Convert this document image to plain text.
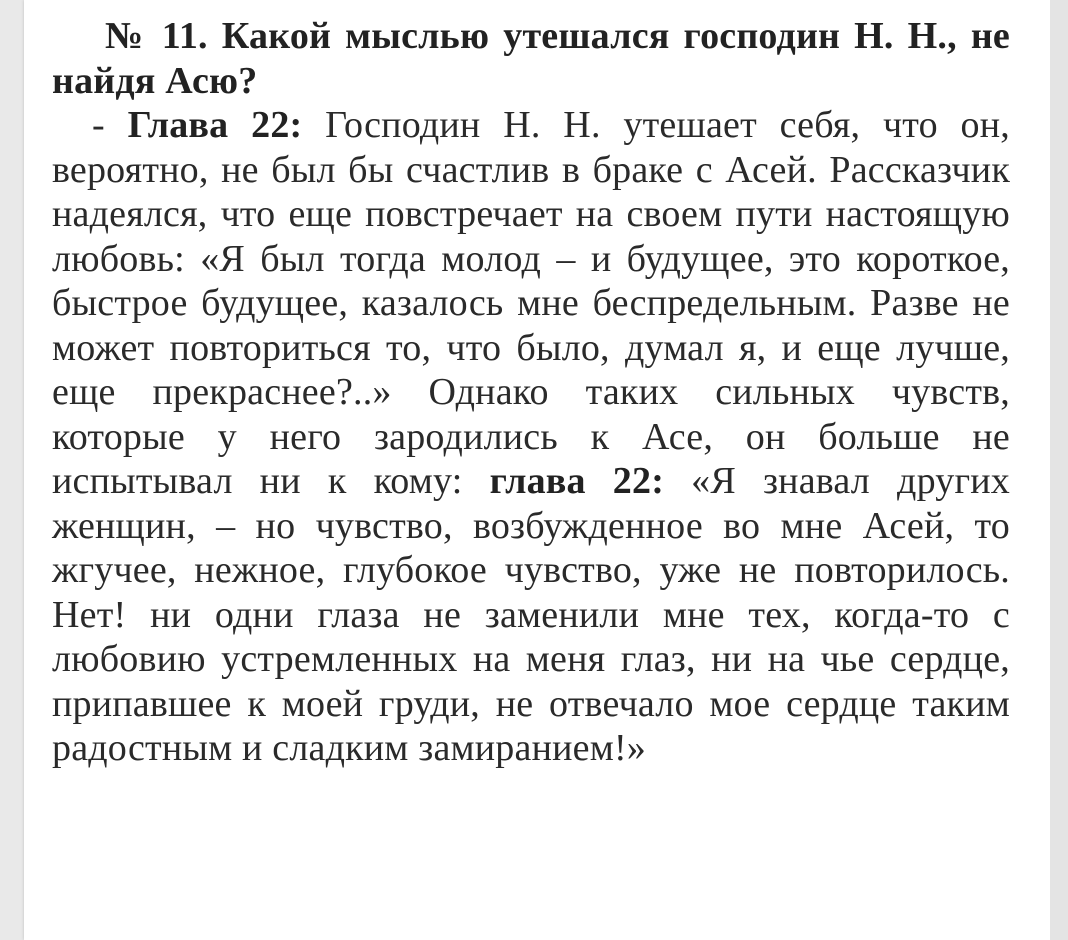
№ 11. Какой мыслью утешался господин Н. Н., не найдя Асю?

- Глава 22: Господин Н. Н. утешает себя, что он, вероятно, не был бы счастлив в браке с Асей. Рассказчик надеялся, что еще повстречает на своем пути настоящую любовь: «Я был тогда молод – и будущее, это короткое, быстрое будущее, казалось мне беспредельным. Разве не может повториться то, что было, думал я, и еще лучше, еще прекраснее?..» Однако таких сильных чувств, которые у него зародились к Асе, он больше не испытывал ни к кому: глава 22: «Я знавал других женщин, – но чувство, возбужденное во мне Асей, то жгучее, нежное, глубокое чувство, уже не повторилось. Нет! ни одни глаза не заменили мне тех, когда-то с любовию устремленных на меня глаз, ни на чье сердце, припавшее к моей груди, не отвечало мое сердце таким радостным и сладким замиранием!»
